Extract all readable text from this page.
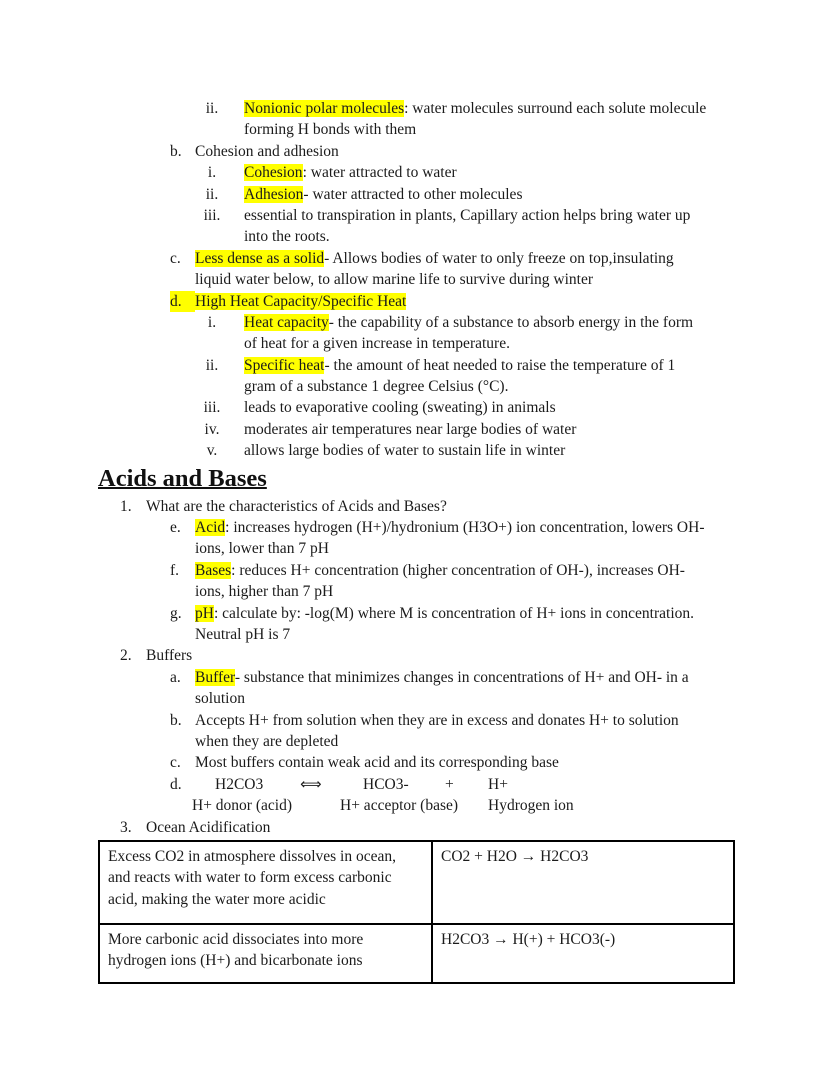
ii.	Nonionic polar molecules: water molecules surround each solute molecule
forming H bonds with them
b. Cohesion and adhesion
i.	Cohesion: water attracted to water
ii.	Adhesion- water attracted to other molecules
iii.	essential to transpiration in plants, Capillary action helps bring water up
into the roots.
c. Less dense as a solid- Allows bodies of water to only freeze on top,insulating
liquid water below, to allow marine life to survive during winter
d. High Heat Capacity/Specific Heat
i.	Heat capacity- the capability of a substance to absorb energy in the form
of heat for a given increase in temperature.
ii.	Specific heat- the amount of heat needed to raise the temperature of 1
gram of a substance 1 degree Celsius (°C).
iii.	leads to evaporative cooling (sweating) in animals
iv.	moderates air temperatures near large bodies of water
v.	allows large bodies of water to sustain life in winter
Acids and Bases
1. What are the characteristics of Acids and Bases?
e. Acid: increases hydrogen (H+)/hydronium (H3O+) ion concentration, lowers OH-
ions, lower than 7 pH
f. Bases: reduces H+ concentration (higher concentration of OH-), increases OH-
ions, higher than 7 pH
g. pH: calculate by: -log(M) where M is concentration of H+ ions in concentration.
Neutral pH is 7
2. Buffers
a. Buffer- substance that minimizes changes in concentrations of H+ and OH- in a
solution
b. Accepts H+ from solution when they are in excess and donates H+ to solution
when they are depleted
c. Most buffers contain weak acid and its corresponding base
d. H2CO3 ⟺	HCO3- + H+
H+ donor (acid)	H+ acceptor (base) Hydrogen ion
3. Ocean Acidification
Excess CO2 in atmosphere dissolves in ocean,
and reacts with water to form excess carbonic
acid, making the water more acidic	CO2 + H2O → H2CO3

More carbonic acid dissociates into more
hydrogen ions (H+) and bicarbonate ions	H2CO3 → H(+) + HCO3(-)
